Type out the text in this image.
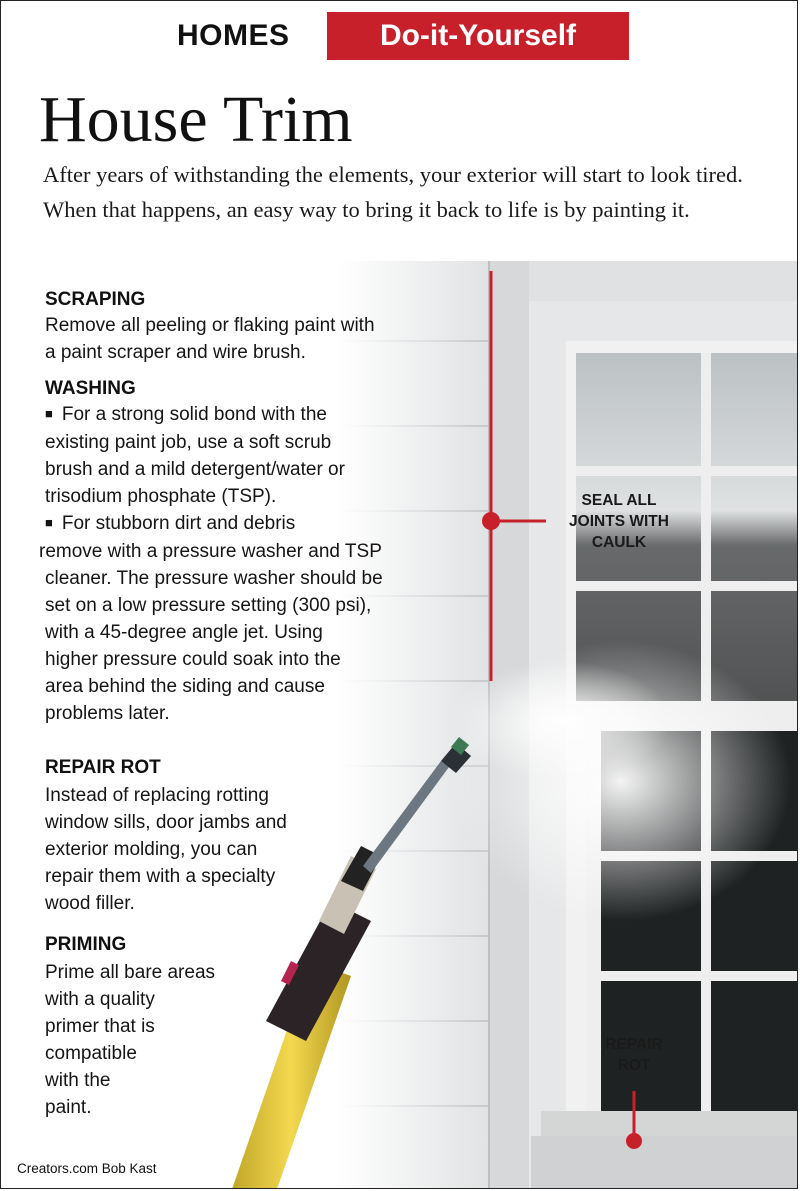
HOMES	Do-it-Yourself
House Trim
After years of withstanding the elements, your exterior will start to look tired. When that happens, an easy way to bring it back to life is by painting it.
SCRAPING

Remove all peeling or flaking paint with

a paint scraper and wire brush.

WASHING

■ For a strong solid bond with the

existing paint job, use a soft scrub

brush and a mild detergent/water or

trisodium phosphate (TSP).

■ For stubborn dirt and debris

remove with a pressure washer and TSP

cleaner. The pressure washer should be

set on a low pressure setting (300 psi),

with a 45-degree angle jet. Using

higher pressure could soak into the

area behind the siding and cause

problems later.

REPAIR ROT

Instead of replacing rotting

window sills, door jambs and

exterior molding, you can

repair them with a specialty

wood filler.

PRIMING

Prime all bare areas

with a quality

primer that is

compatible

with the

paint.

SEAL ALL
JOINTS WITH
CAULK
REPAIR
ROT
Creators.com Bob Kast
